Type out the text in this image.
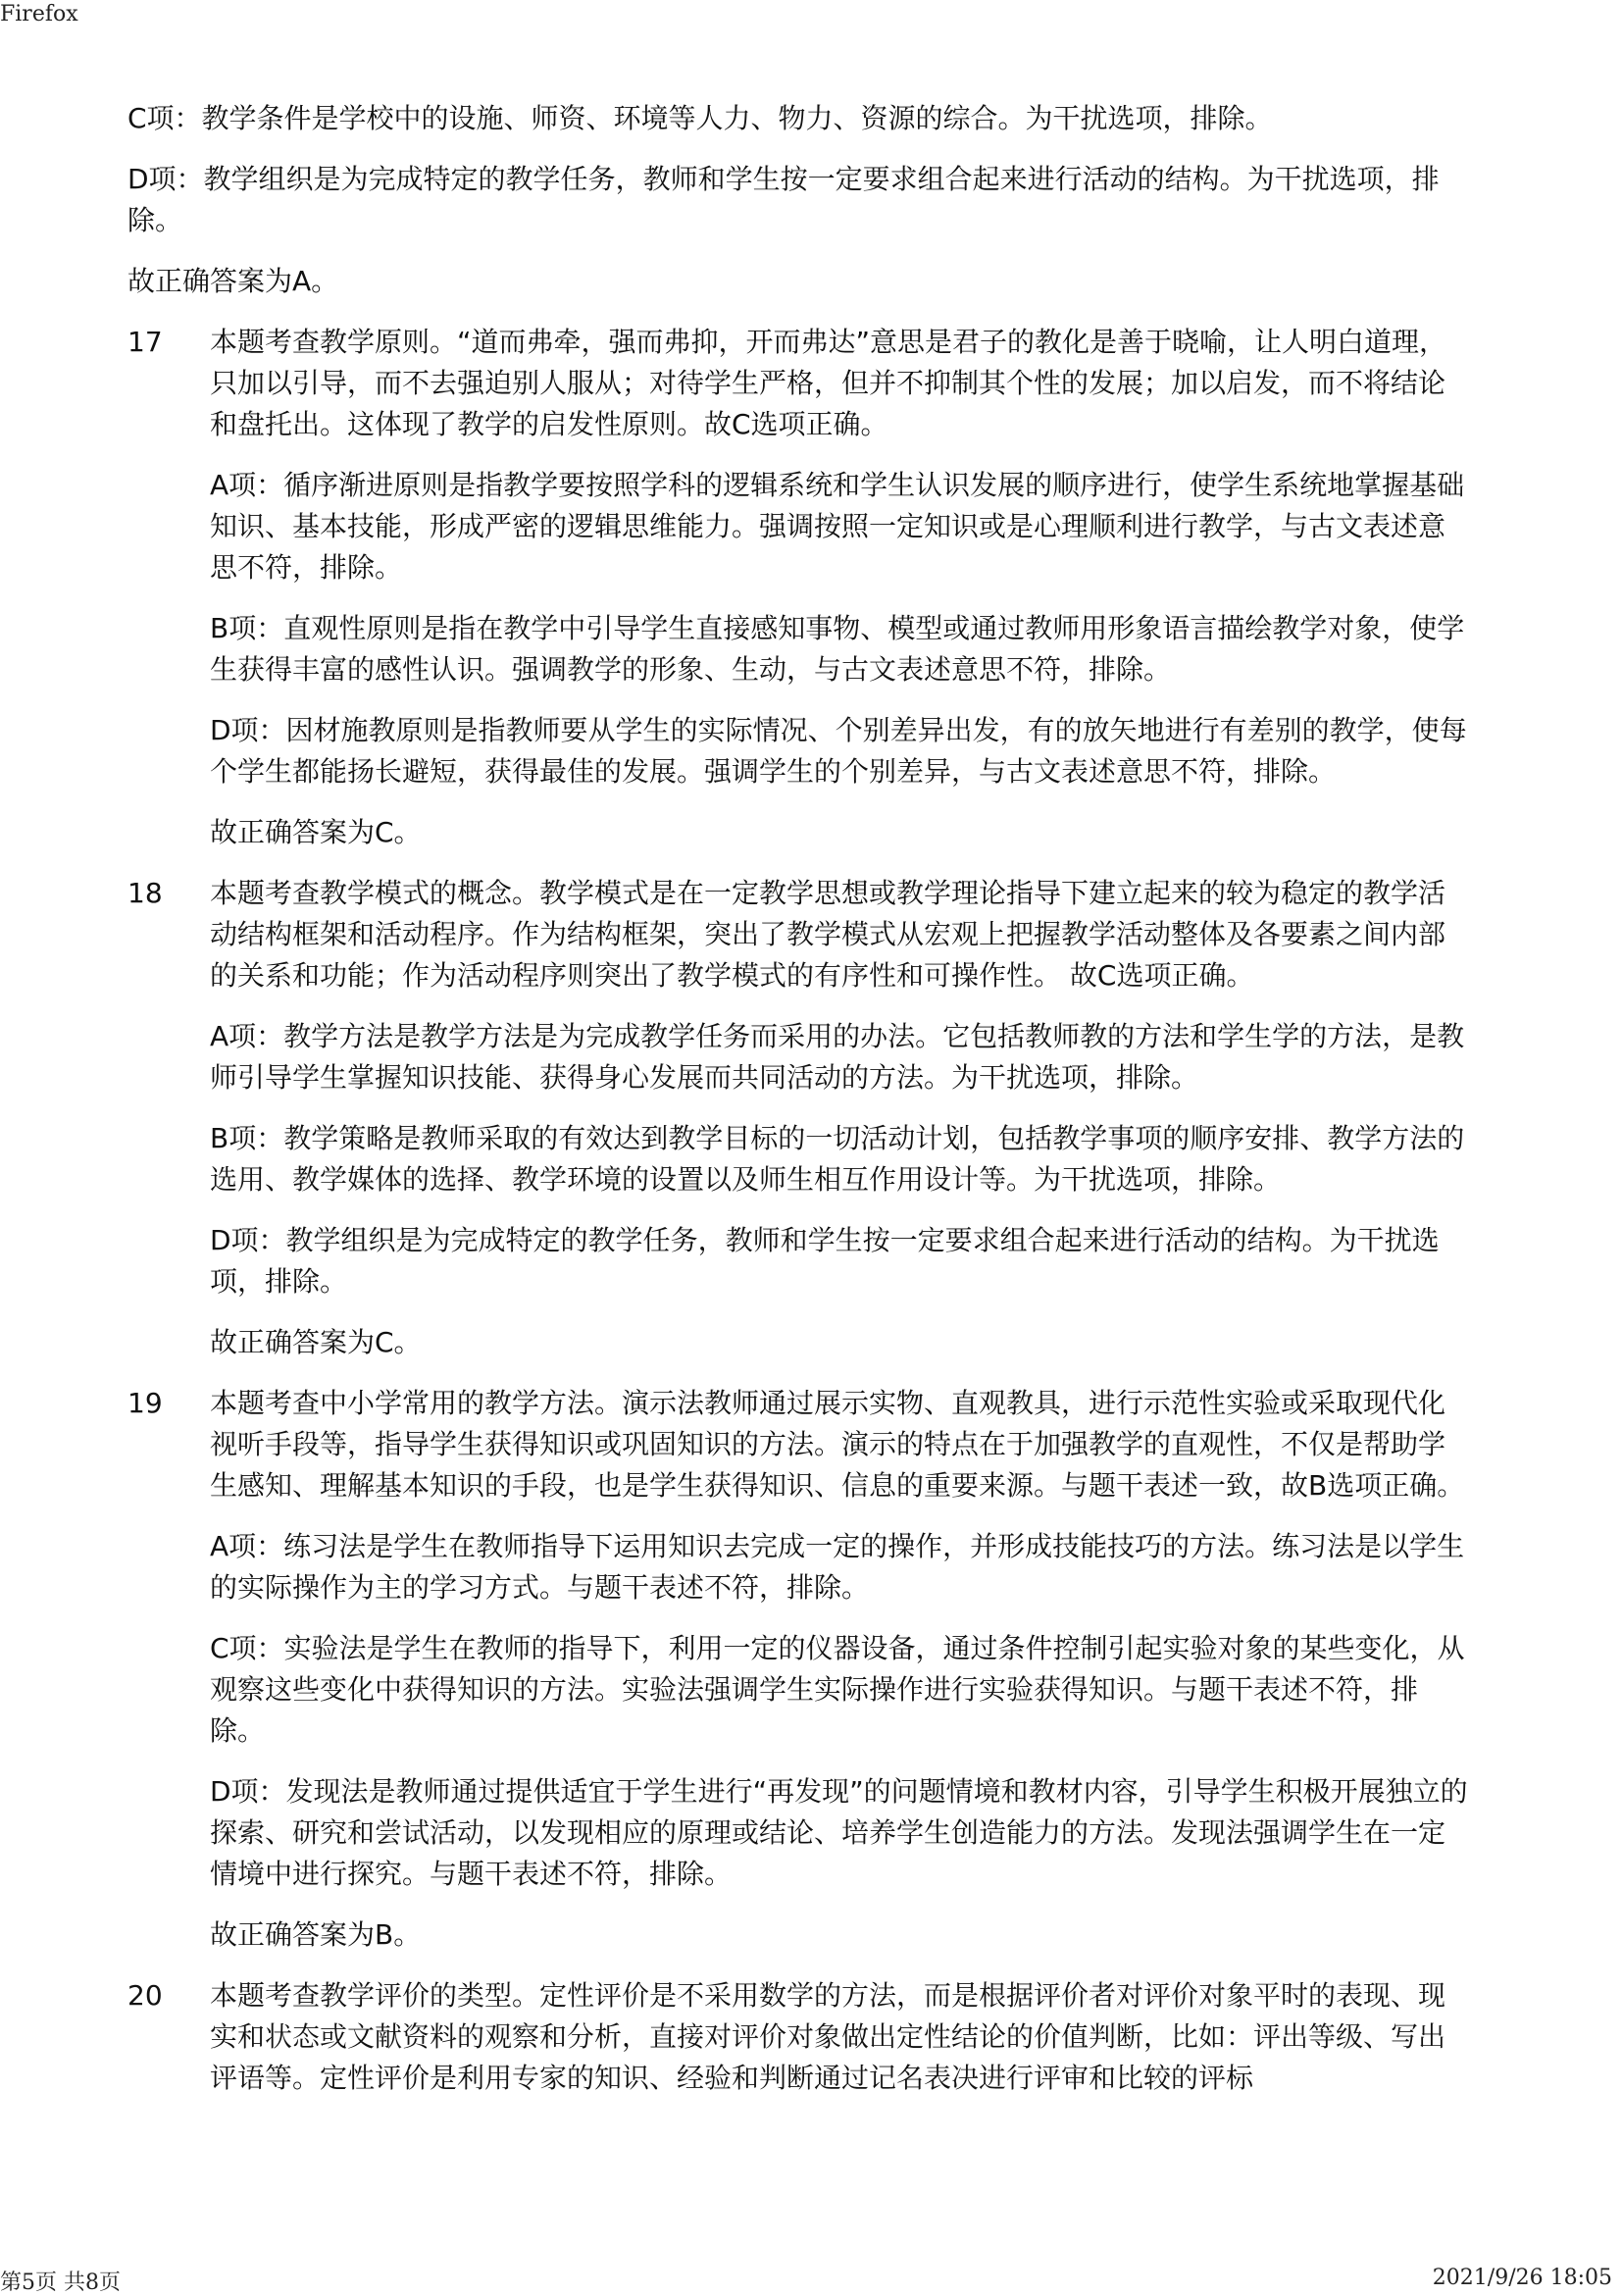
Firefox
C项：教学条件是学校中的设施、师资、环境等人力、物力、资源的综合。为干扰选项，排除。
D项：教学组织是为完成特定的教学任务，教师和学生按一定要求组合起来进行活动的结构。为干扰选项，排除。
故正确答案为A。
17	本题考查教学原则。“道而弗牵，强而弗抑，开而弗达”意思是君子的教化是善于晓喻，让人明白道理，只加以引导，而不去强迫别人服从；对待学生严格，但并不抑制其个性的发展；加以启发，而不将结论和盘托出。这体现了教学的启发性原则。故C选项正确。
A项：循序渐进原则是指教学要按照学科的逻辑系统和学生认识发展的顺序进行，使学生系统地掌握基础知识、基本技能，形成严密的逻辑思维能力。强调按照一定知识或是心理顺利进行教学，与古文表述意思不符，排除。
B项：直观性原则是指在教学中引导学生直接感知事物、模型或通过教师用形象语言描绘教学对象，使学生获得丰富的感性认识。强调教学的形象、生动，与古文表述意思不符，排除。
D项：因材施教原则是指教师要从学生的实际情况、个别差异出发，有的放矢地进行有差别的教学，使每个学生都能扬长避短，获得最佳的发展。强调学生的个别差异，与古文表述意思不符，排除。
故正确答案为C。
18	本题考查教学模式的概念。教学模式是在一定教学思想或教学理论指导下建立起来的较为稳定的教学活动结构框架和活动程序。作为结构框架，突出了教学模式从宏观上把握教学活动整体及各要素之间内部的关系和功能；作为活动程序则突出了教学模式的有序性和可操作性。 故C选项正确。
A项：教学方法是教学方法是为完成教学任务而采用的办法。它包括教师教的方法和学生学的方法，是教师引导学生掌握知识技能、获得身心发展而共同活动的方法。为干扰选项，排除。
B项：教学策略是教师采取的有效达到教学目标的一切活动计划，包括教学事项的顺序安排、教学方法的选用、教学媒体的选择、教学环境的设置以及师生相互作用设计等。为干扰选项，排除。
D项：教学组织是为完成特定的教学任务，教师和学生按一定要求组合起来进行活动的结构。为干扰选项，排除。
故正确答案为C。
19	本题考查中小学常用的教学方法。演示法教师通过展示实物、直观教具，进行示范性实验或采取现代化视听手段等，指导学生获得知识或巩固知识的方法。演示的特点在于加强教学的直观性，不仅是帮助学生感知、理解基本知识的手段，也是学生获得知识、信息的重要来源。与题干表述一致，故B选项正确。
A项：练习法是学生在教师指导下运用知识去完成一定的操作，并形成技能技巧的方法。练习法是以学生的实际操作为主的学习方式。与题干表述不符，排除。
C项：实验法是学生在教师的指导下，利用一定的仪器设备，通过条件控制引起实验对象的某些变化，从观察这些变化中获得知识的方法。实验法强调学生实际操作进行实验获得知识。与题干表述不符，排除。
D项：发现法是教师通过提供适宜于学生进行“再发现”的问题情境和教材内容，引导学生积极开展独立的探索、研究和尝试活动，以发现相应的原理或结论、培养学生创造能力的方法。发现法强调学生在一定情境中进行探究。与题干表述不符，排除。
故正确答案为B。
20	本题考查教学评价的类型。定性评价是不采用数学的方法，而是根据评价者对评价对象平时的表现、现实和状态或文献资料的观察和分析，直接对评价对象做出定性结论的价值判断，比如：评出等级、写出评语等。定性评价是利用专家的知识、经验和判断通过记名表决进行评审和比较的评标
第5页 共8页	2021/9/26 18:05
